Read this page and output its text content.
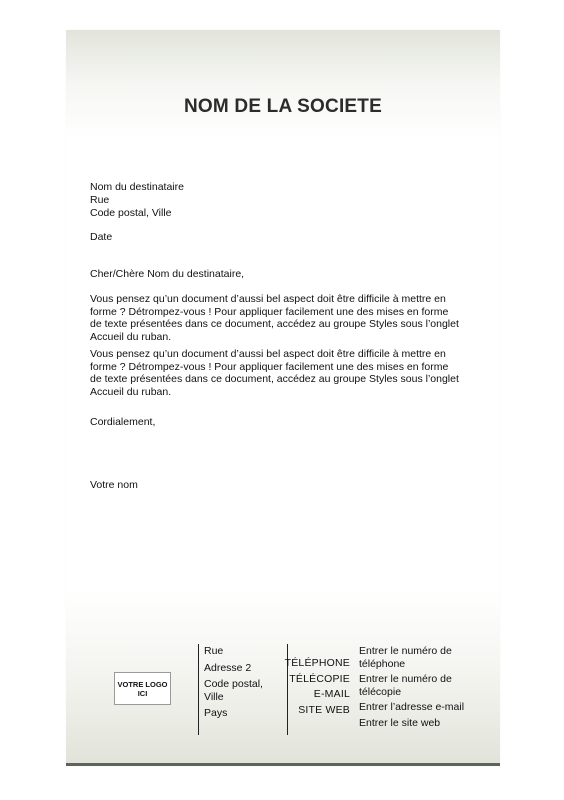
NOM DE LA SOCIETE
Nom du destinataire
Rue
Code postal, Ville
Date
Cher/Chère Nom du destinataire,
Vous pensez qu’un document d’aussi bel aspect doit être difficile à mettre en forme ? Détrompez-vous ! Pour appliquer facilement une des mises en forme de texte présentées dans ce document, accédez au groupe Styles sous l’onglet Accueil du ruban.
Vous pensez qu’un document d’aussi bel aspect doit être difficile à mettre en forme ? Détrompez-vous ! Pour appliquer facilement une des mises en forme de texte présentées dans ce document, accédez au groupe Styles sous l’onglet Accueil du ruban.
Cordialement,
Votre nom
VOTRE LOGO
ICI
Rue
Adresse 2
Code postal, Ville
Pays
TÉLÉPHONE
TÉLÉCOPIE
E-MAIL
SITE WEB
Entrer le numéro de téléphone
Entrer le numéro de télécopie
Entrer l’adresse e-mail
Entrer le site web
